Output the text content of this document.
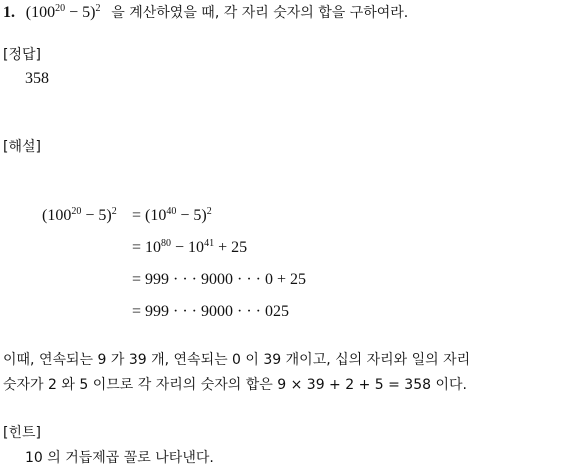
1. $(100^{20} - 5)^2$ 을 계산하였을 때, 각 자리 숫자의 합을 구하여라.
[정답]
358
[해설]
$(100^{20} - 5)^2 = (10^{40} - 5)^2$
= $10^{80} - 10^{41} + 25$
= 999 · · · 9000 · · · 0 + 25
= 999 · · · 9000 · · · 025
이때, 연속되는 9 가 39 개, 연속되는 0 이 39 개이고, 십의 자리와 일의 자리
숫자가 2 와 5 이므로 각 자리의 숫자의 합은 9 × 39 + 2 + 5 = 358 이다.
[힌트]
10 의 거듭제곱 꼴로 나타낸다.
